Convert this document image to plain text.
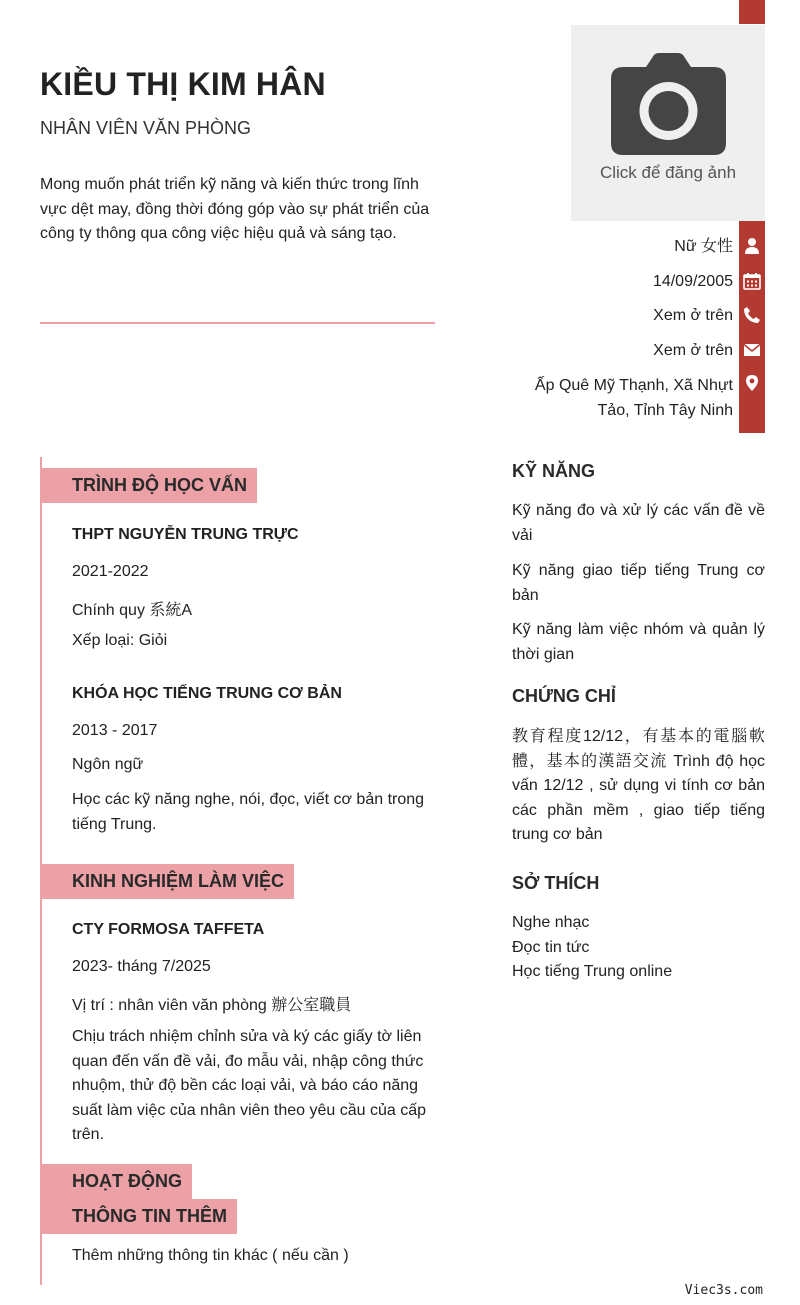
KIỀU THỊ KIM HÂN
NHÂN VIÊN VĂN PHÒNG
Mong muốn phát triển kỹ năng và kiến thức trong lĩnh vực dệt may, đồng thời đóng góp vào sự phát triển của công ty thông qua công việc hiệu quả và sáng tạo.
Click để đăng ảnh
Nữ 女性
14/09/2005
Xem ở trên
Xem ở trên
Ấp Quê Mỹ Thạnh, Xã Nhựt Tảo, Tỉnh Tây Ninh
TRÌNH ĐỘ HỌC VẤN
THPT NGUYỄN TRUNG TRỰC
2021-2022
Chính quy 系統A
Xếp loại: Giỏi
KHÓA HỌC TIẾNG TRUNG CƠ BẢN
2013 - 2017
Ngôn ngữ
Học các kỹ năng nghe, nói, đọc, viết cơ bản trong tiếng Trung.
KINH NGHIỆM LÀM VIỆC
CTY FORMOSA TAFFETA
2023- tháng 7/2025
Vị trí : nhân viên văn phòng 辦公室職員
Chịu trách nhiệm chỉnh sửa và ký các giấy tờ liên quan đến vấn đề vải, đo mẫu vải, nhập công thức nhuộm, thử độ bền các loại vải, và báo cáo năng suất làm việc của nhân viên theo yêu cầu của cấp trên.
HOẠT ĐỘNG
THÔNG TIN THÊM
Thêm những thông tin khác ( nếu cần )
KỸ NĂNG
Kỹ năng đo và xử lý các vấn đề về vải
Kỹ năng giao tiếp tiếng Trung cơ bản
Kỹ năng làm việc nhóm và quản lý thời gian
CHỨNG CHỈ
教育程度12/12，有基本的電腦軟體，基本的漢語交流 Trình độ học vấn 12/12 , sử dụng vi tính cơ bản các phần mềm , giao tiếp tiếng trung cơ bản
SỞ THÍCH
Nghe nhạc
Đọc tin tức
Học tiếng Trung online
Viec3s.com
